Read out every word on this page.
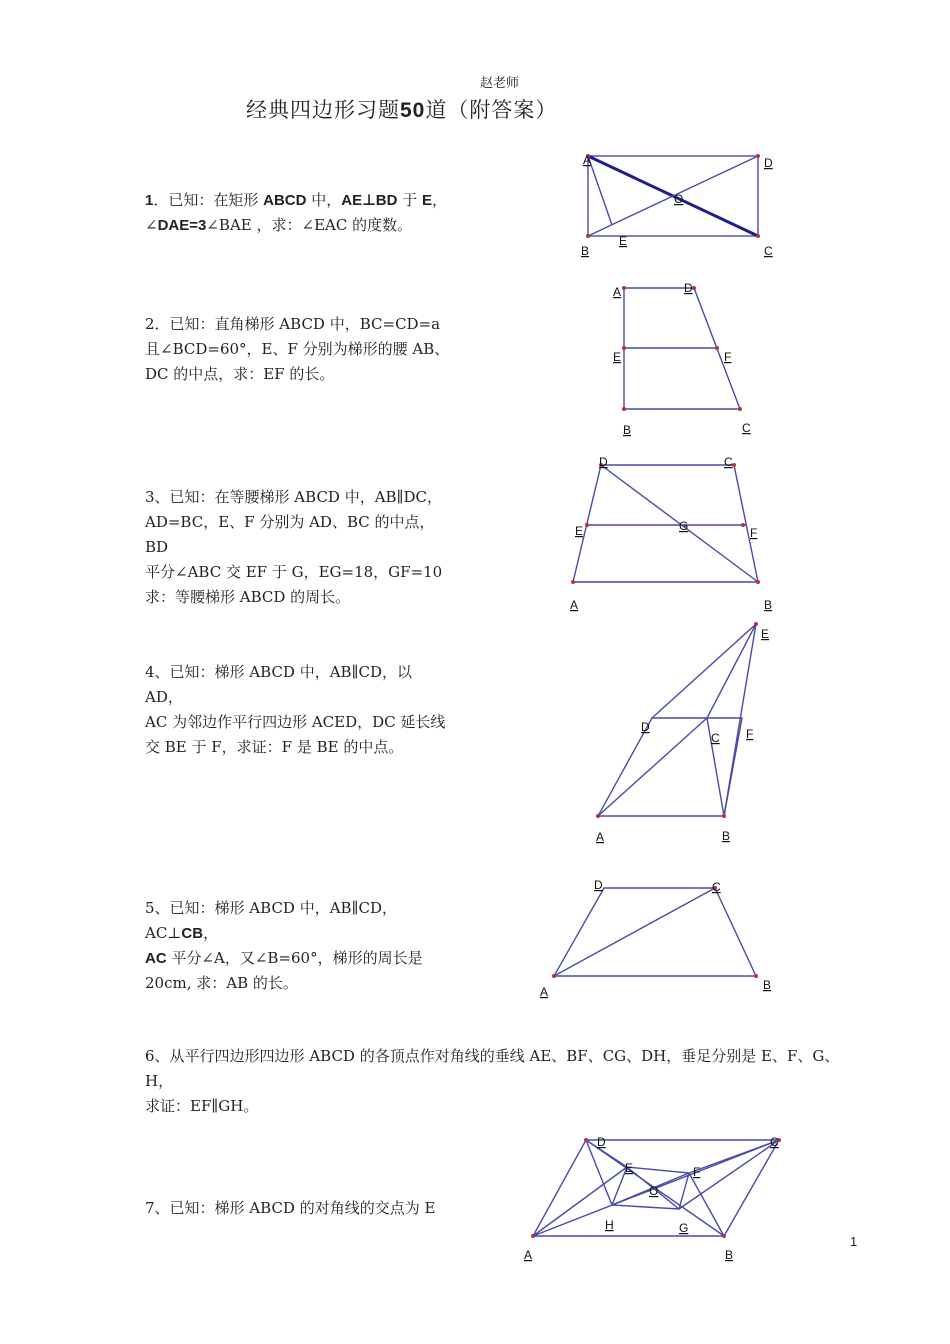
赵老师
经典四边形习题50道（附答案）
1．已知：在矩形 ABCD 中，AE⊥BD 于 E，
∠DAE=3∠BAE ，求：∠EAC 的度数。
2．已知：直角梯形 ABCD 中，BC=CD=a
且∠BCD=60°，E、F 分别为梯形的腰 AB、
DC 的中点，求：EF 的长。
3、已知：在等腰梯形 ABCD 中，AB∥DC，
AD=BC，E、F 分别为 AD、BC 的中点，BD
平分∠ABC 交 EF 于 G，EG=18，GF=10
求：等腰梯形 ABCD 的周长。
4、已知：梯形 ABCD 中，AB∥CD，以 AD，
AC 为邻边作平行四边形 ACED，DC 延长线
交 BE 于 F，求证：F 是 BE 的中点。
5、已知：梯形 ABCD 中，AB∥CD，AC⊥CB，
AC 平分∠A，又∠B=60°，梯形的周长是
20cm, 求：AB 的长。
6、从平行四边形四边形 ABCD 的各顶点作对角线的垂线 AE、BF、CG、DH，垂足分别是 E、F、G、H，
求证：EF∥GH。
7、已知：梯形 ABCD 的对角线的交点为 E
A	D
O
B
E
C
A	D
E	F
B	C
D	C
E	G	F
A	B
E
D
C F
A	B
D	C
A	B
D	C
E	F
O
H	G
A	B
1
